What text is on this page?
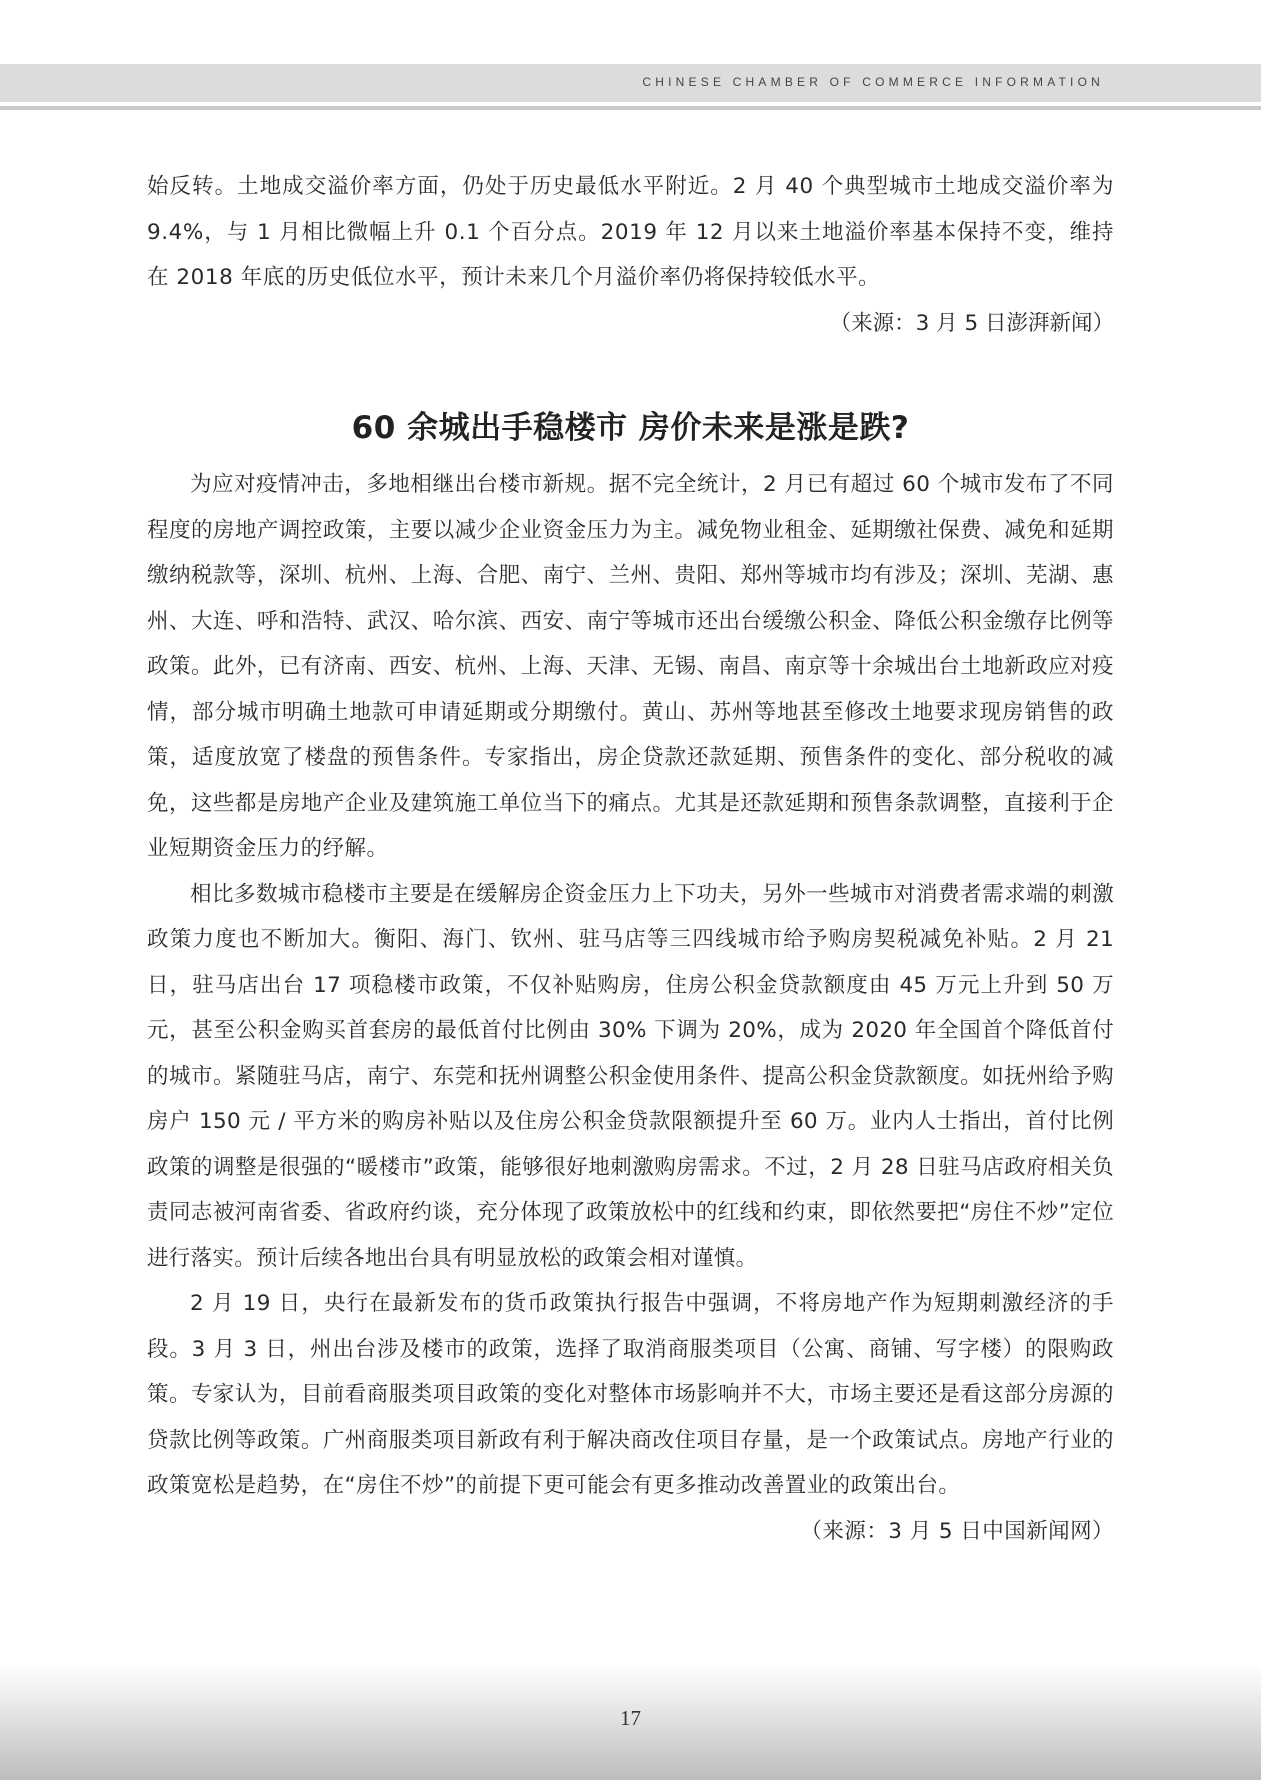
CHINESE CHAMBER OF COMMERCE INFORMATION

始反转。土地成交溢价率方面，仍处于历史最低水平附近。2 月 40 个典型城市土地成交溢价率为 9.4%，与 1 月相比微幅上升 0.1 个百分点。2019 年 12 月以来土地溢价率基本保持不变，维持在 2018 年底的历史低位水平，预计未来几个月溢价率仍将保持较低水平。

（来源：3 月 5 日澎湃新闻）

60 余城出手稳楼市 房价未来是涨是跌?

为应对疫情冲击，多地相继出台楼市新规。据不完全统计，2 月已有超过 60 个城市发布了不同程度的房地产调控政策，主要以减少企业资金压力为主。减免物业租金、延期缴社保费、减免和延期缴纳税款等，深圳、杭州、上海、合肥、南宁、兰州、贵阳、郑州等城市均有涉及；深圳、芜湖、惠州、大连、呼和浩特、武汉、哈尔滨、西安、南宁等城市还出台缓缴公积金、降低公积金缴存比例等政策。此外，已有济南、西安、杭州、上海、天津、无锡、南昌、南京等十余城出台土地新政应对疫情，部分城市明确土地款可申请延期或分期缴付。黄山、苏州等地甚至修改土地要求现房销售的政策，适度放宽了楼盘的预售条件。专家指出，房企贷款还款延期、预售条件的变化、部分税收的减免，这些都是房地产企业及建筑施工单位当下的痛点。尤其是还款延期和预售条款调整，直接利于企业短期资金压力的纾解。

相比多数城市稳楼市主要是在缓解房企资金压力上下功夫，另外一些城市对消费者需求端的刺激政策力度也不断加大。衡阳、海门、钦州、驻马店等三四线城市给予购房契税减免补贴。2 月 21 日，驻马店出台 17 项稳楼市政策，不仅补贴购房，住房公积金贷款额度由 45 万元上升到 50 万元，甚至公积金购买首套房的最低首付比例由 30% 下调为 20%，成为 2020 年全国首个降低首付的城市。紧随驻马店，南宁、东莞和抚州调整公积金使用条件、提高公积金贷款额度。如抚州给予购房户 150 元 / 平方米的购房补贴以及住房公积金贷款限额提升至 60 万。业内人士指出，首付比例政策的调整是很强的“暖楼市”政策，能够很好地刺激购房需求。不过，2 月 28 日驻马店政府相关负责同志被河南省委、省政府约谈，充分体现了政策放松中的红线和约束，即依然要把“房住不炒”定位进行落实。预计后续各地出台具有明显放松的政策会相对谨慎。

2 月 19 日，央行在最新发布的货币政策执行报告中强调，不将房地产作为短期刺激经济的手段。3 月 3 日，州出台涉及楼市的政策，选择了取消商服类项目（公寓、商铺、写字楼）的限购政策。专家认为，目前看商服类项目政策的变化对整体市场影响并不大，市场主要还是看这部分房源的贷款比例等政策。广州商服类项目新政有利于解决商改住项目存量，是一个政策试点。房地产行业的政策宽松是趋势，在“房住不炒”的前提下更可能会有更多推动改善置业的政策出台。
（来源：3 月 5 日中国新闻网）

17
